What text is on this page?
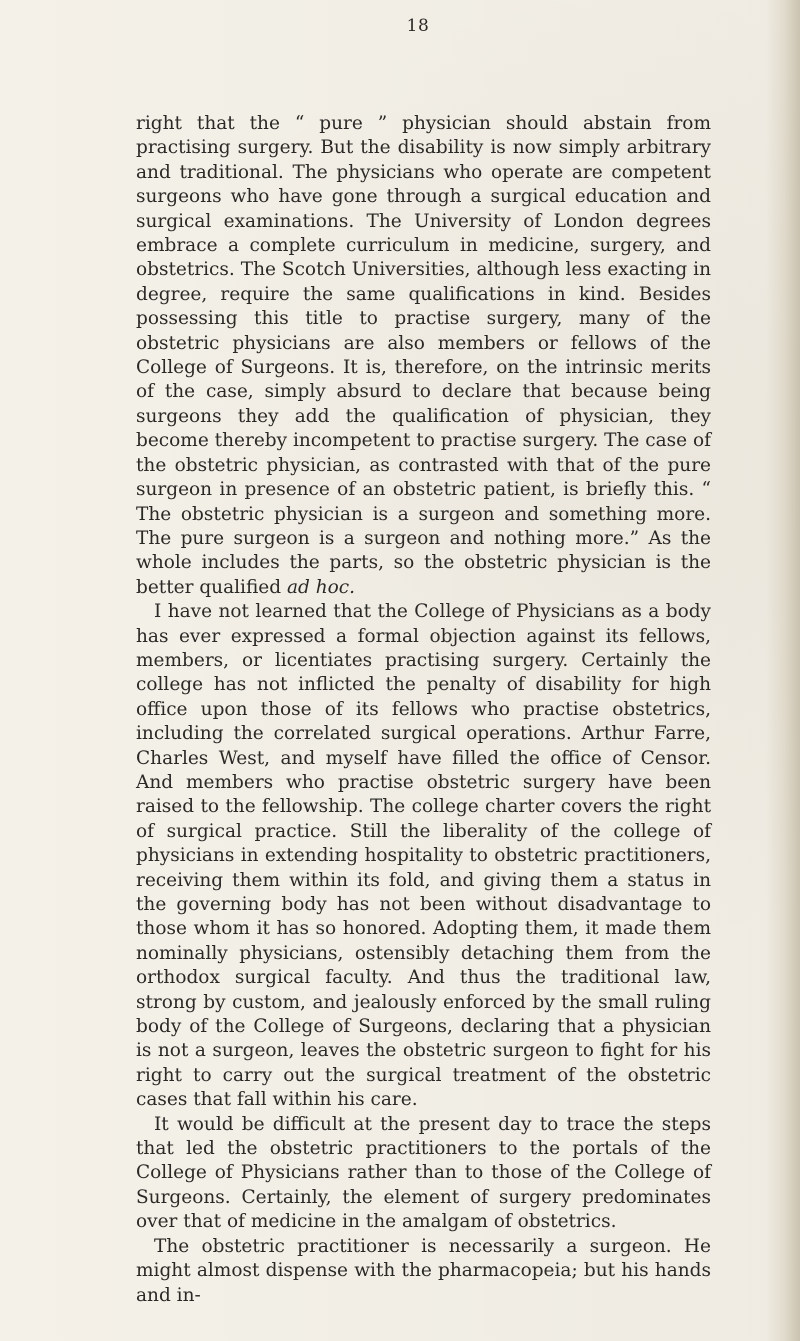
18

right that the “ pure ” physician should abstain from practising surgery. But the disability is now simply arbitrary and traditional. The physicians who operate are competent surgeons who have gone through a surgical education and surgical examinations. The University of London degrees embrace a complete curriculum in medicine, surgery, and obstetrics. The Scotch Universities, although less exacting in degree, require the same qualifications in kind. Besides possessing this title to practise surgery, many of the obstetric physicians are also members or fellows of the College of Surgeons. It is, therefore, on the intrinsic merits of the case, simply absurd to declare that because being surgeons they add the qualification of physician, they become thereby incompetent to practise surgery. The case of the obstetric physician, as contrasted with that of the pure surgeon in presence of an obstetric patient, is briefly this. “ The obstetric physician is a surgeon and something more. The pure surgeon is a surgeon and nothing more.” As the whole includes the parts, so the obstetric physician is the better qualified ad hoc.

I have not learned that the College of Physicians as a body has ever expressed a formal objection against its fellows, members, or licentiates practising surgery. Certainly the college has not inflicted the penalty of disability for high office upon those of its fellows who practise obstetrics, including the correlated surgical operations. Arthur Farre, Charles West, and myself have filled the office of Censor. And members who practise obstetric surgery have been raised to the fellowship. The college charter covers the right of surgical practice. Still the liberality of the college of physicians in extending hospitality to obstetric practitioners, receiving them within its fold, and giving them a status in the governing body has not been without disadvantage to those whom it has so honored. Adopting them, it made them nominally physicians, ostensibly detaching them from the orthodox surgical faculty. And thus the traditional law, strong by custom, and jealously enforced by the small ruling body of the College of Surgeons, declaring that a physician is not a surgeon, leaves the obstetric surgeon to fight for his right to carry out the surgical treatment of the obstetric cases that fall within his care.

It would be difficult at the present day to trace the steps that led the obstetric practitioners to the portals of the College of Physicians rather than to those of the College of Surgeons. Certainly, the element of surgery predominates over that of medicine in the amalgam of obstetrics.

The obstetric practitioner is necessarily a surgeon. He might almost dispense with the pharmacopeia; but his hands and in-
